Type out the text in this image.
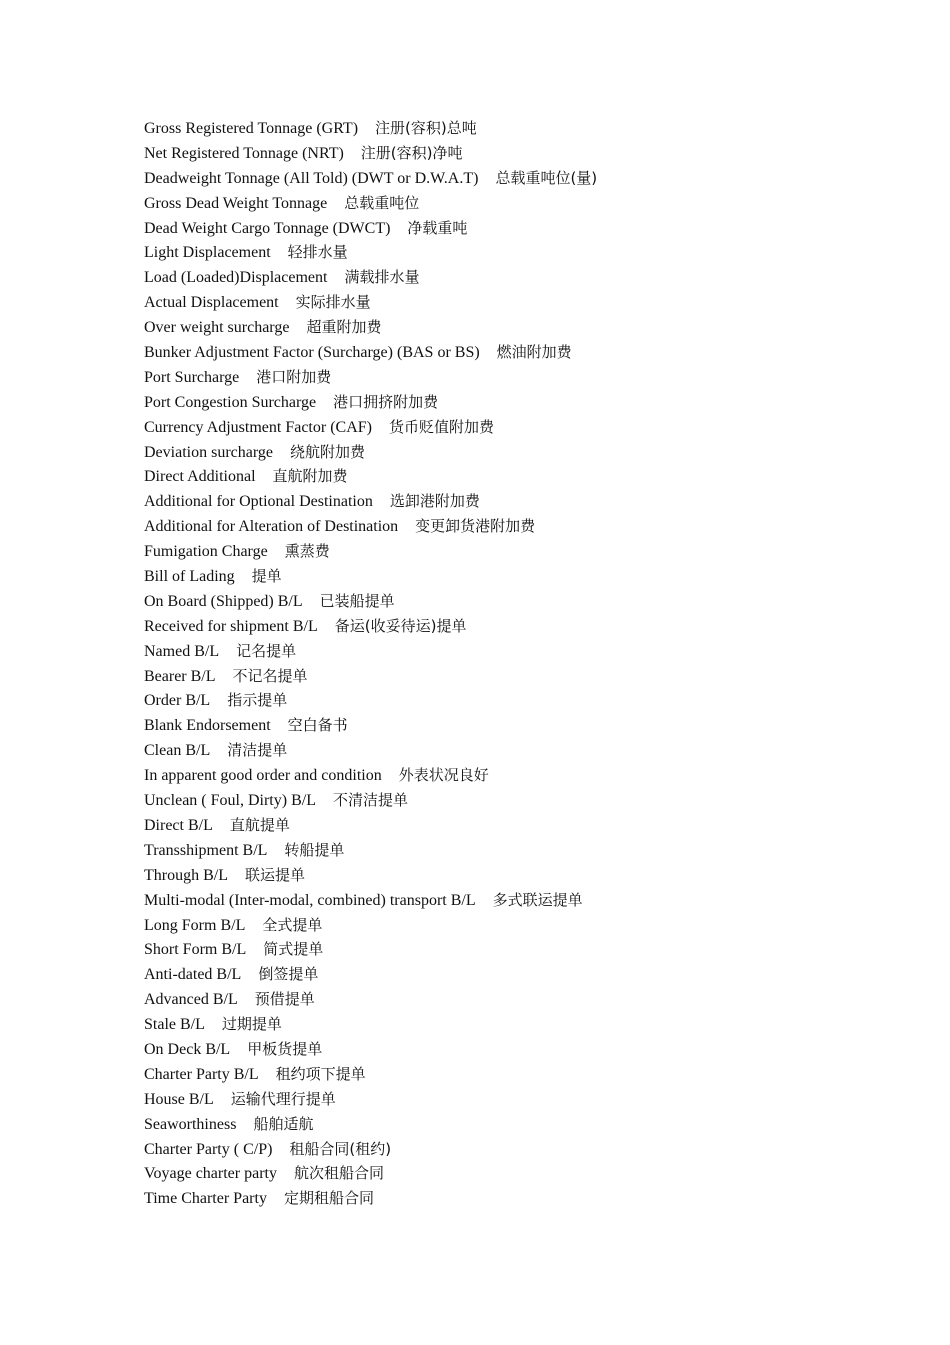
Gross Registered Tonnage (GRT) 注册(容积)总吨
Net Registered Tonnage (NRT) 注册(容积)净吨
Deadweight Tonnage (All Told) (DWT or D.W.A.T) 总载重吨位(量)
Gross Dead Weight Tonnage 总载重吨位
Dead Weight Cargo Tonnage (DWCT) 净载重吨
Light Displacement 轻排水量
Load (Loaded)Displacement 满载排水量
Actual Displacement 实际排水量
Over weight surcharge 超重附加费
Bunker Adjustment Factor (Surcharge) (BAS or BS) 燃油附加费
Port Surcharge 港口附加费
Port Congestion Surcharge 港口拥挤附加费
Currency Adjustment Factor (CAF) 货币贬值附加费
Deviation surcharge 绕航附加费
Direct Additional 直航附加费
Additional for Optional Destination 选卸港附加费
Additional for Alteration of Destination 变更卸货港附加费
Fumigation Charge 熏蒸费
Bill of Lading 提单
On Board (Shipped) B/L 已装船提单
Received for shipment B/L 备运(收妥待运)提单
Named B/L 记名提单
Bearer B/L 不记名提单
Order B/L 指示提单
Blank Endorsement 空白备书
Clean B/L 清洁提单
In apparent good order and condition 外表状况良好
Unclean ( Foul, Dirty) B/L 不清洁提单
Direct B/L 直航提单
Transshipment B/L 转船提单
Through B/L 联运提单
Multi-modal (Inter-modal, combined) transport B/L 多式联运提单
Long Form B/L 全式提单
Short Form B/L 简式提单
Anti-dated B/L 倒签提单
Advanced B/L 预借提单
Stale B/L 过期提单
On Deck B/L 甲板货提单
Charter Party B/L 租约项下提单
House B/L 运输代理行提单
Seaworthiness 船舶适航
Charter Party ( C/P) 租船合同(租约)
Voyage charter party 航次租船合同
Time Charter Party 定期租船合同
